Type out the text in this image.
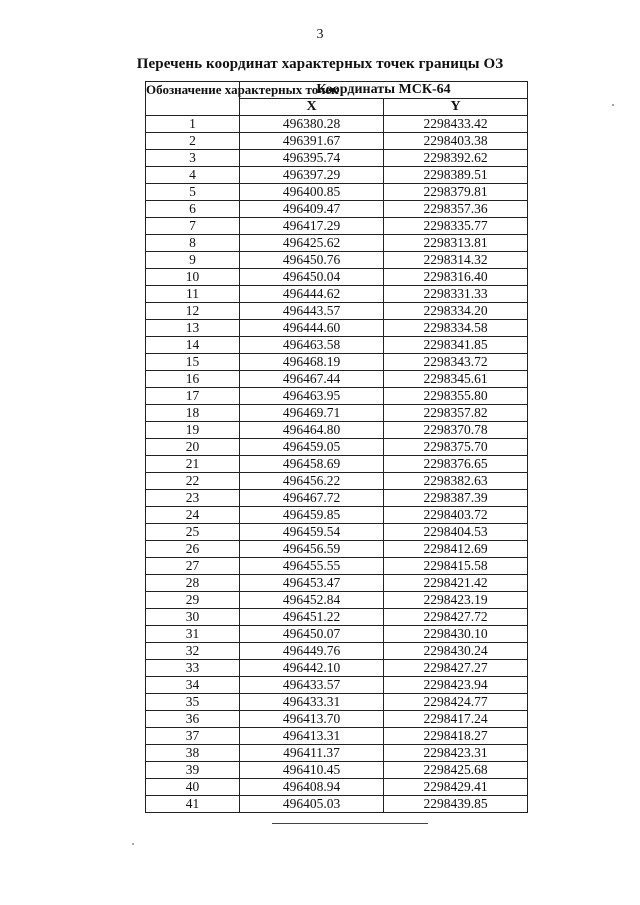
3
Перечень координат характерных точек границы ОЗ
Обозначение характерных точек	Координаты МСК-64	
	X	Y
1	496380.28	2298433.42
2	496391.67	2298403.38
3	496395.74	2298392.62
4	496397.29	2298389.51
5	496400.85	2298379.81
6	496409.47	2298357.36
7	496417.29	2298335.77
8	496425.62	2298313.81
9	496450.76	2298314.32
10	496450.04	2298316.40
11	496444.62	2298331.33
12	496443.57	2298334.20
13	496444.60	2298334.58
14	496463.58	2298341.85
15	496468.19	2298343.72
16	496467.44	2298345.61
17	496463.95	2298355.80
18	496469.71	2298357.82
19	496464.80	2298370.78
20	496459.05	2298375.70
21	496458.69	2298376.65
22	496456.22	2298382.63
23	496467.72	2298387.39
24	496459.85	2298403.72
25	496459.54	2298404.53
26	496456.59	2298412.69
27	496455.55	2298415.58
28	496453.47	2298421.42
29	496452.84	2298423.19
30	496451.22	2298427.72
31	496450.07	2298430.10
32	496449.76	2298430.24
33	496442.10	2298427.27
34	496433.57	2298423.94
35	496433.31	2298424.77
36	496413.70	2298417.24
37	496413.31	2298418.27
38	496411.37	2298423.31
39	496410.45	2298425.68
40	496408.94	2298429.41
41	496405.03	2298439.85
